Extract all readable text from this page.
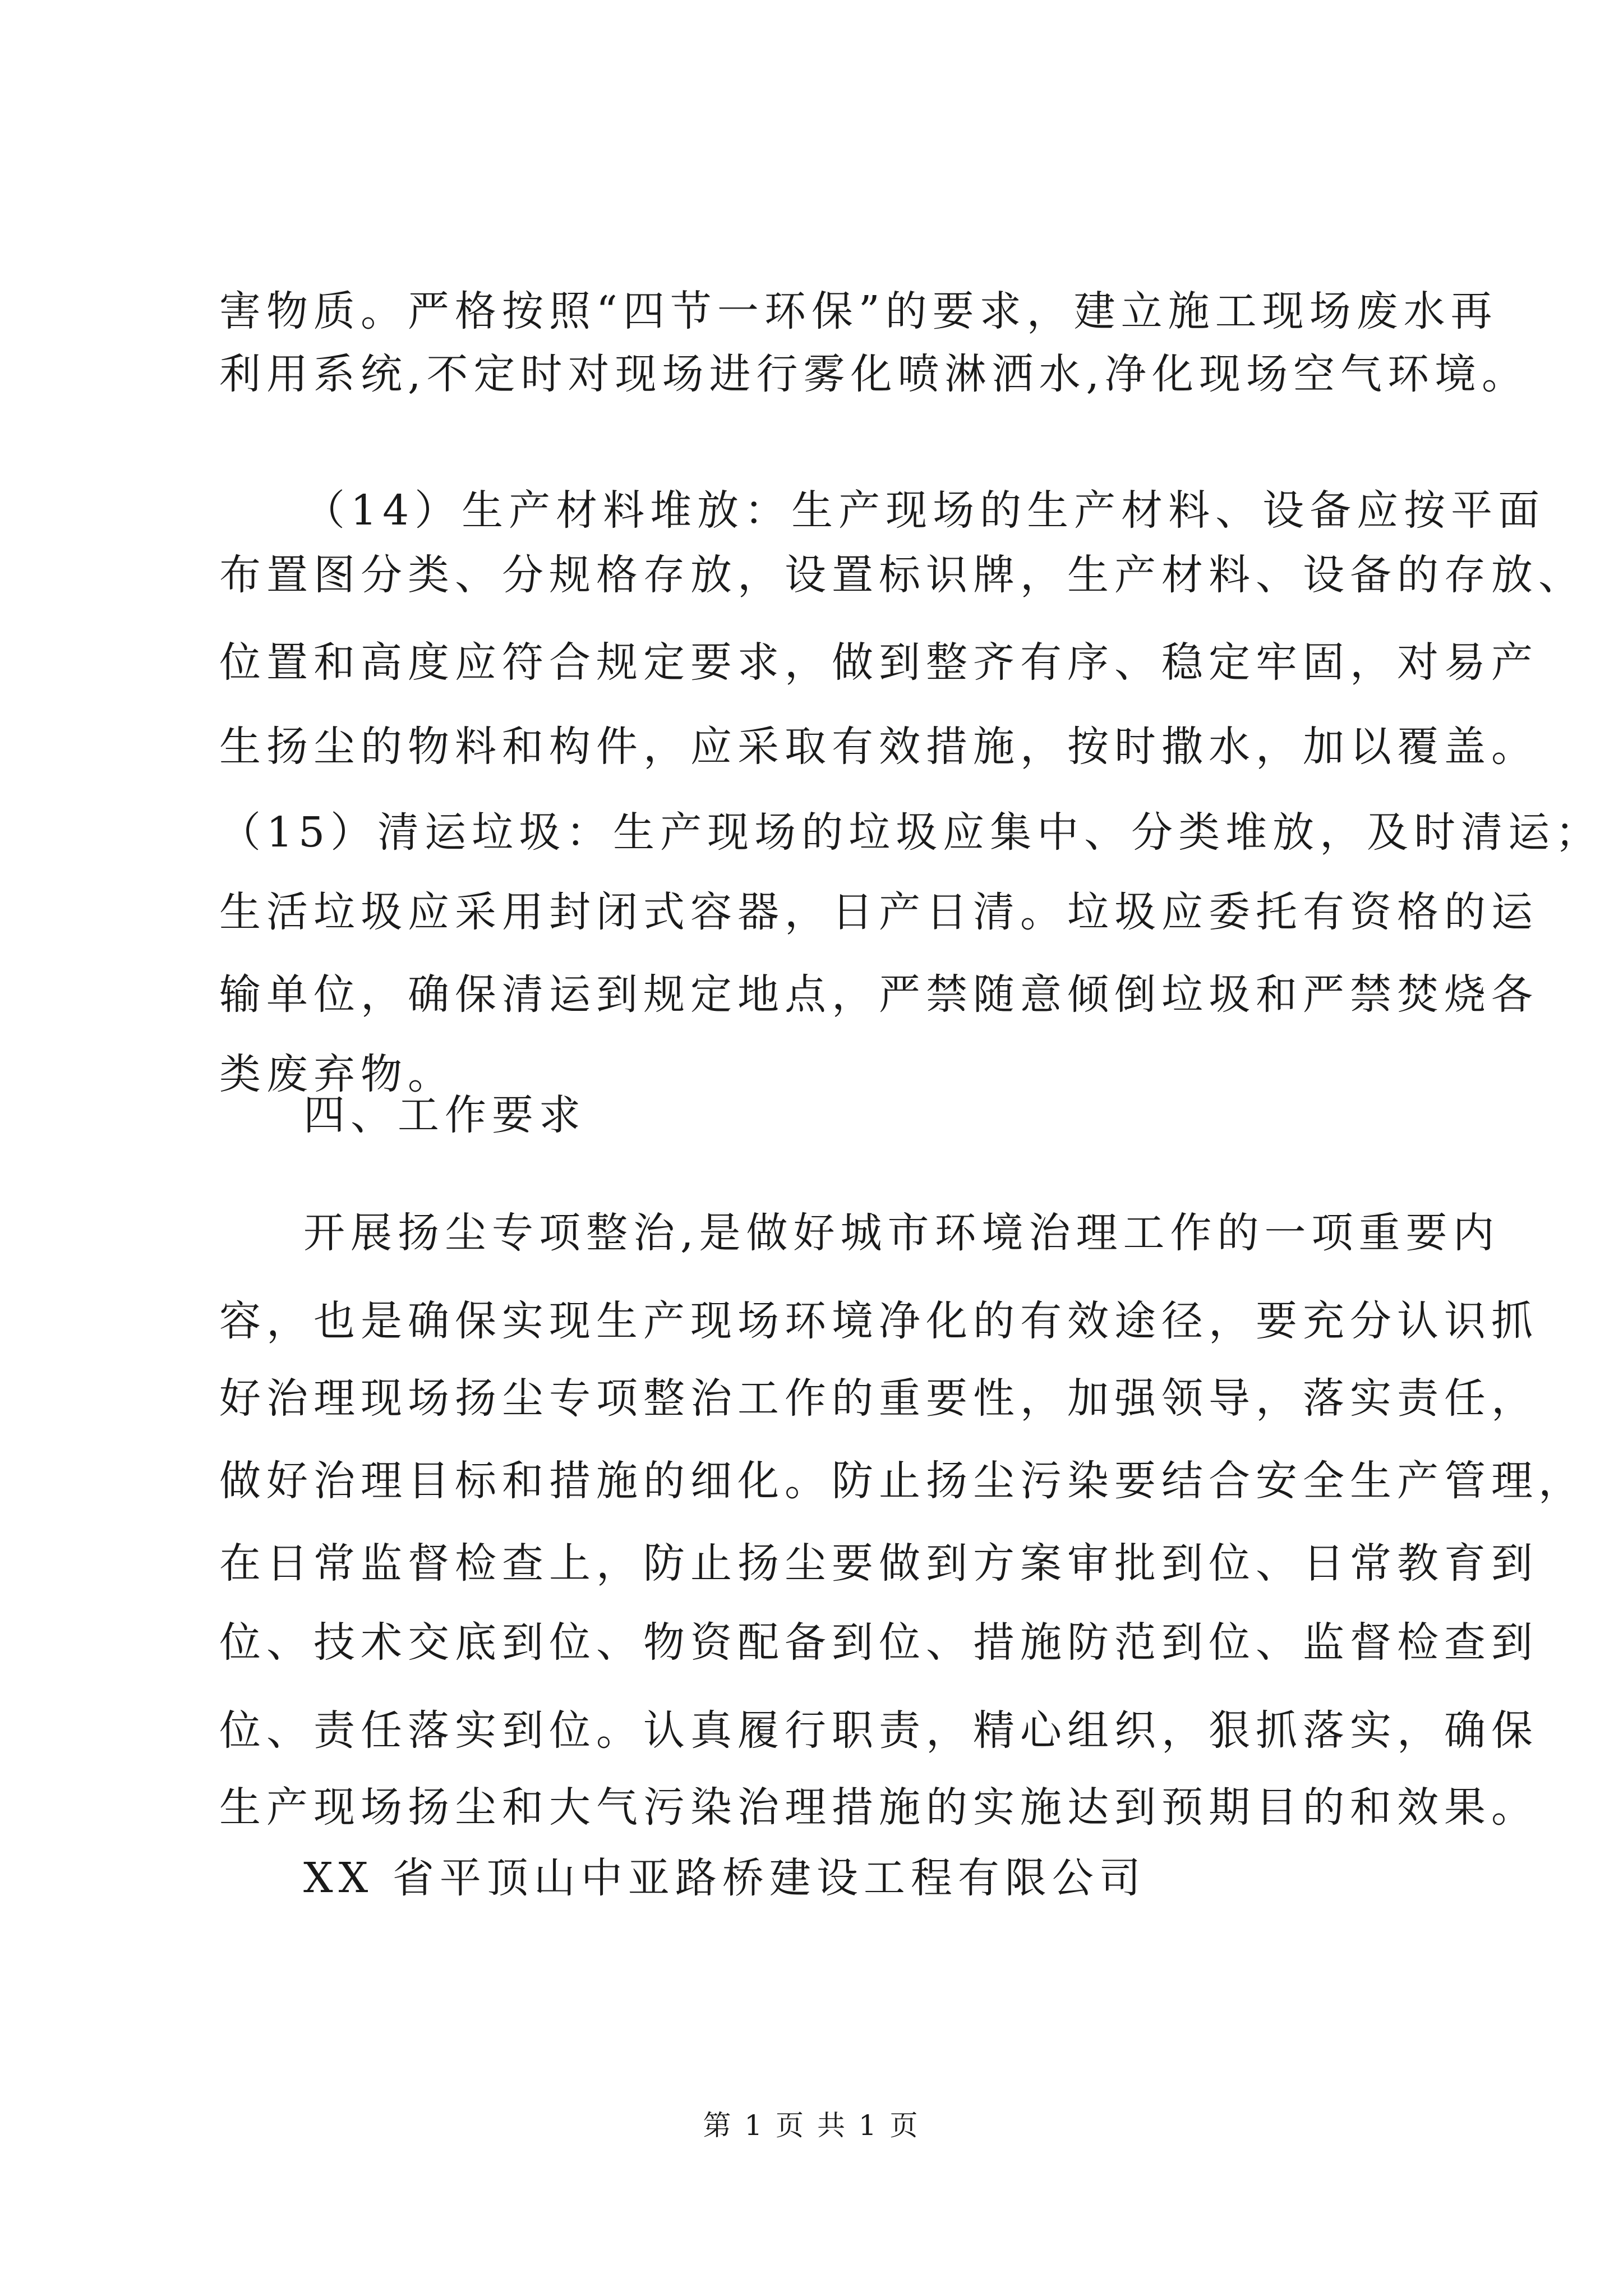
害物质。严格按照“四节一环保”的要求，建立施工现场废水再
利用系统,不定时对现场进行雾化喷淋洒水,净化现场空气环境。
（14）生产材料堆放：生产现场的生产材料、设备应按平面
布置图分类、分规格存放，设置标识牌，生产材料、设备的存放、
位置和高度应符合规定要求，做到整齐有序、稳定牢固，对易产
生扬尘的物料和构件，应采取有效措施，按时撒水，加以覆盖。
（15）清运垃圾：生产现场的垃圾应集中、分类堆放，及时清运；
生活垃圾应采用封闭式容器，日产日清。垃圾应委托有资格的运
输单位，确保清运到规定地点，严禁随意倾倒垃圾和严禁焚烧各
类废弃物。
四、工作要求
开展扬尘专项整治,是做好城市环境治理工作的一项重要内
容，也是确保实现生产现场环境净化的有效途径，要充分认识抓
好治理现场扬尘专项整治工作的重要性，加强领导，落实责任，
做好治理目标和措施的细化。防止扬尘污染要结合安全生产管理，
在日常监督检查上，防止扬尘要做到方案审批到位、日常教育到
位、技术交底到位、物资配备到位、措施防范到位、监督检查到
位、责任落实到位。认真履行职责，精心组织，狠抓落实，确保
生产现场扬尘和大气污染治理措施的实施达到预期目的和效果。
XX 省平顶山中亚路桥建设工程有限公司
第 1 页 共 1 页
